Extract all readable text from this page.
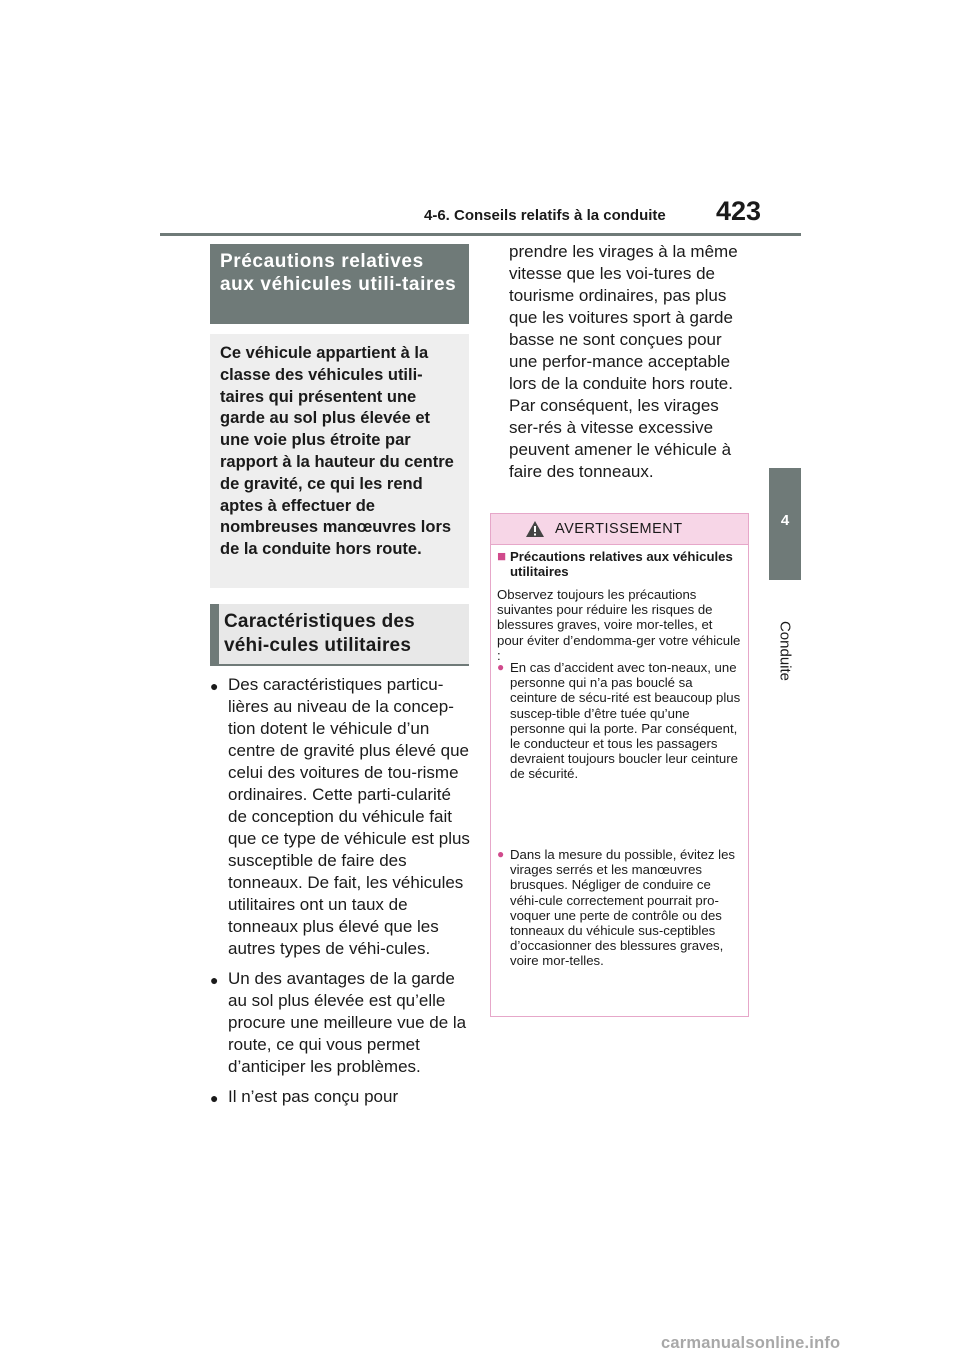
4-6. Conseils relatifs à la conduite 423
4
Conduite
Précautions relatives aux véhicules utili-taires

Ce véhicule appartient à la classe des véhicules utili-taires qui présentent une garde au sol plus élevée et une voie plus étroite par rapport à la hauteur du centre de gravité, ce qui les rend aptes à effectuer de nombreuses manœuvres lors de la conduite hors route.

Caractéristiques des véhi-cules utilitaires
● Des caractéristiques particu-lières au niveau de la concep-tion dotent le véhicule d’un centre de gravité plus élevé que celui des voitures de tou-risme ordinaires. Cette parti-cularité de conception du véhicule fait que ce type de véhicule est plus susceptible de faire des tonneaux. De fait, les véhicules utilitaires ont un taux de tonneaux plus élevé que les autres types de véhi-cules.
● Un des avantages de la garde au sol plus élevée est qu’elle procure une meilleure vue de la route, ce qui vous permet d’anticiper les problèmes.
● Il n’est pas conçu pour
prendre les virages à la même vitesse que les voi-tures de tourisme ordinaires, pas plus que les voitures sport à garde basse ne sont conçues pour une perfor-mance acceptable lors de la conduite hors route. Par conséquent, les virages ser-rés à vitesse excessive peuvent amener le véhicule à faire des tonneaux.
AVERTISSEMENT
■ Précautions relatives aux véhicules utilitaires
Observez toujours les précautions suivantes pour réduire les risques de blessures graves, voire mor-telles, et pour éviter d’endomma-ger votre véhicule :
● En cas d’accident avec ton-neaux, une personne qui n’a pas bouclé sa ceinture de sécu-rité est beaucoup plus suscep-tible d’être tuée qu’une personne qui la porte. Par conséquent, le conducteur et tous les passagers devraient toujours boucler leur ceinture de sécurité.
● Dans la mesure du possible, évitez les virages serrés et les manœuvres brusques. Négliger de conduire ce véhi-cule correctement pourrait pro-voquer une perte de contrôle ou des tonneaux du véhicule sus-ceptibles d’occasionner des blessures graves, voire mor-telles.
carmanualsonline.info
